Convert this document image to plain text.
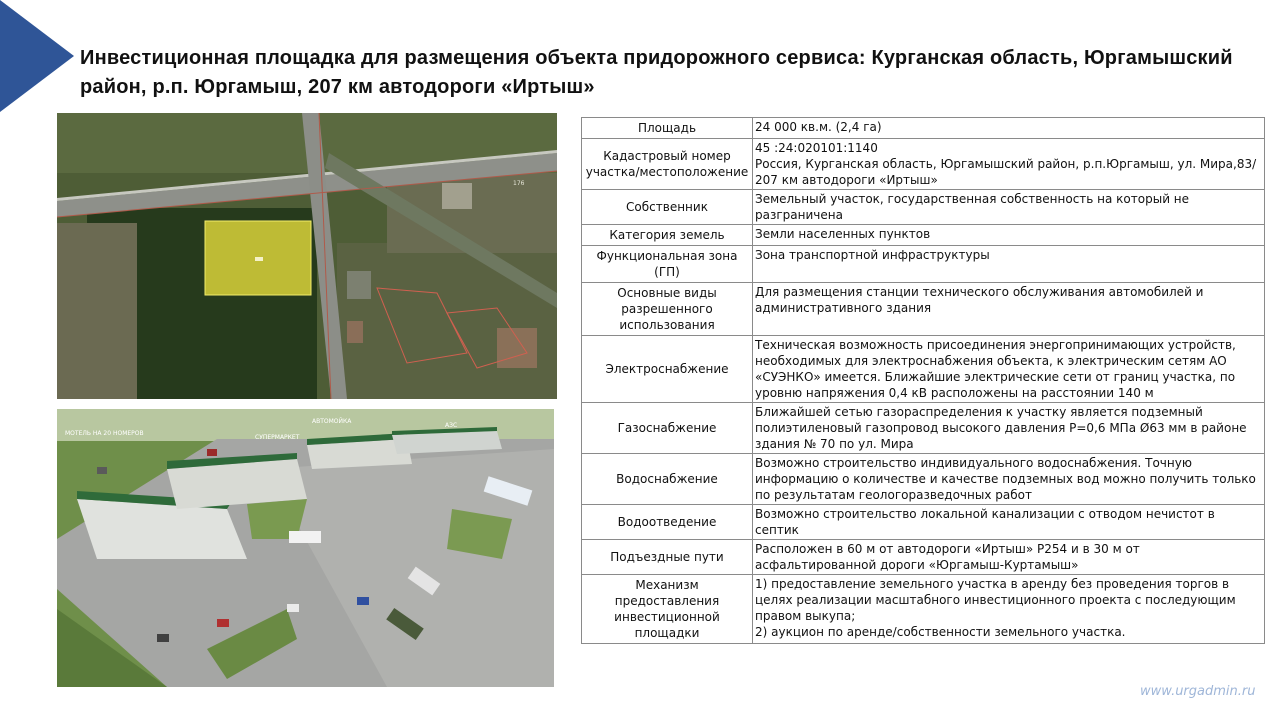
Инвестиционная площадка для размещения объекта придорожного сервиса: Курганская область, Юргамышский район, р.п. Юргамыш, 207 км автодороги «Иртыш»
176
МОТЕЛЬ НА 20 НОМЕРОВ
АВТОМОЙКА
СУПЕРМАРКЕТ
АЗС
Площадь	24 000 кв.м. (2,4 га)

Кадастровый номер участка/местоположение	45 :24:020101:1140
Россия, Курганская область, Юргамышский район, р.п.Юргамыш, ул. Мира,83/
207 км автодороги «Иртыш»

Собственник	Земельный участок, государственная собственность на который не разграничена

Категория земель	Земли населенных пунктов

Функциональная зона (ГП)	Зона транспортной инфраструктуры

Основные виды разрешенного использования	Для размещения станции технического обслуживания автомобилей и административного здания

Электроснабжение	Техническая возможность присоединения энергопринимающих устройств, необходимых для электроснабжения объекта, к электрическим сетям АО «СУЭНКО» имеется. Ближайшие электрические сети от границ участка, по уровню напряжения 0,4 кВ расположены на расстоянии 140 м

Газоснабжение	Ближайшей сетью газораспределения к участку является подземный полиэтиленовый газопровод высокого давления Р=0,6 МПа Ø63 мм в районе здания № 70 по ул. Мира

Водоснабжение	Возможно строительство индивидуального водоснабжения. Точную информацию о количестве и качестве подземных вод можно получить только по результатам геологоразведочных работ

Водоотведение	Возможно строительство локальной канализации с отводом нечистот в септик

Подъездные пути	Расположен в 60 м от автодороги «Иртыш» Р254 и в 30 м от асфальтированной дороги «Юргамыш-Куртамыш»

Механизм предоставления инвестиционной площадки	1) предоставление земельного участка в аренду без проведения торгов в целях реализации масштабного инвестиционного проекта с последующим правом выкупа;
2) аукцион по аренде/собственности земельного участка.
www.urgadmin.ru
